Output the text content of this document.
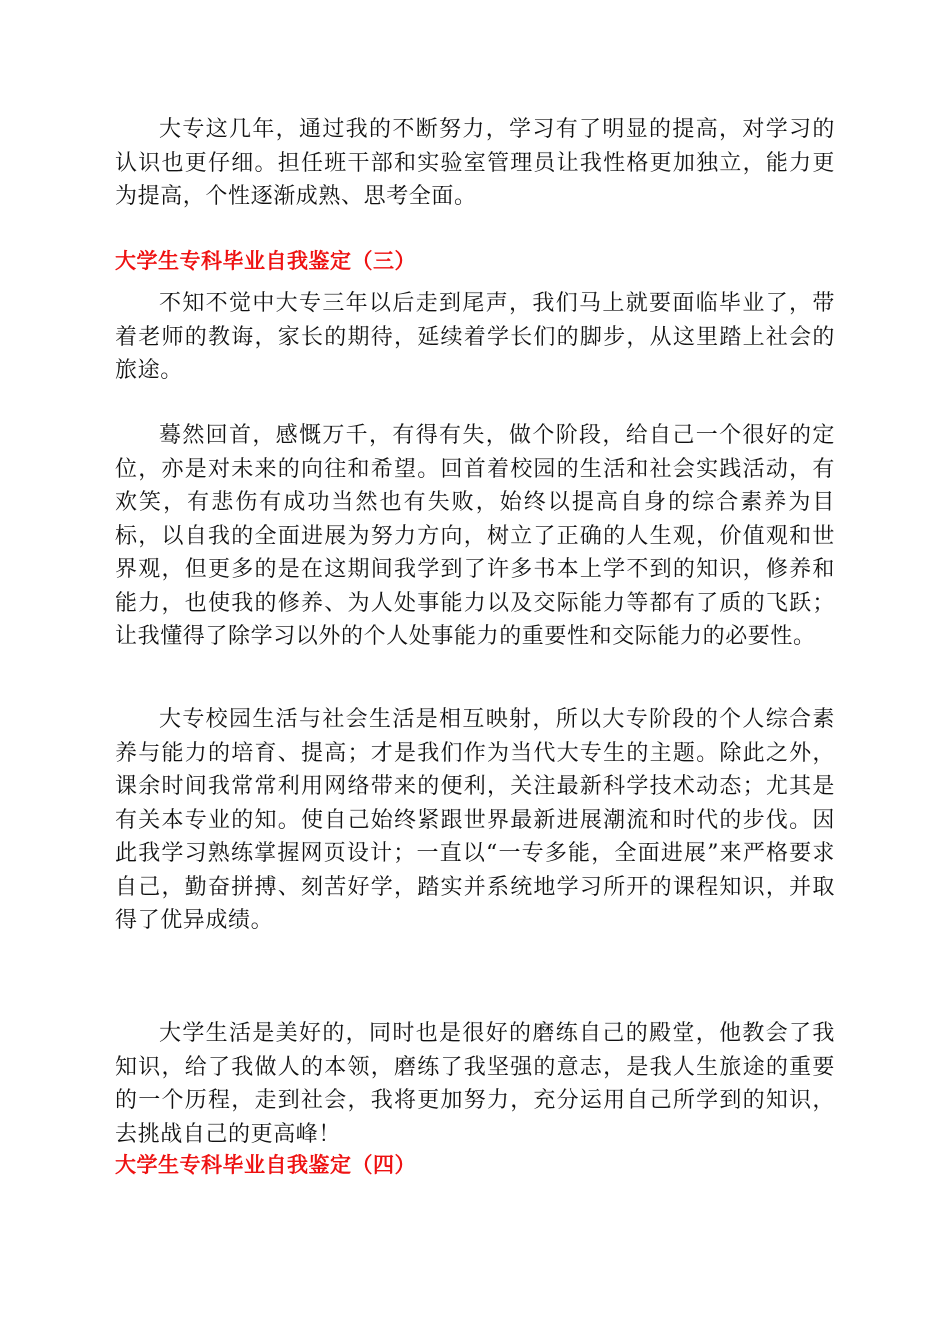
大专这几年，通过我的不断努力，学习有了明显的提高，对学习的认识也更仔细。担任班干部和实验室管理员让我性格更加独立，能力更为提高，个性逐渐成熟、思考全面。

大学生专科毕业自我鉴定（三）

不知不觉中大专三年以后走到尾声，我们马上就要面临毕业了，带着老师的教诲，家长的期待，延续着学长们的脚步，从这里踏上社会的旅途。

蓦然回首，感慨万千，有得有失，做个阶段，给自己一个很好的定位，亦是对未来的向往和希望。回首着校园的生活和社会实践活动，有欢笑，有悲伤有成功当然也有失败，始终以提高自身的综合素养为目标，以自我的全面进展为努力方向，树立了正确的人生观，价值观和世界观，但更多的是在这期间我学到了许多书本上学不到的知识，修养和能力，也使我的修养、为人处事能力以及交际能力等都有了质的飞跃；让我懂得了除学习以外的个人处事能力的重要性和交际能力的必要性。

大专校园生活与社会生活是相互映射，所以大专阶段的个人综合素养与能力的培育、提高；才是我们作为当代大专生的主题。除此之外，课余时间我常常利用网络带来的便利，关注最新科学技术动态；尤其是有关本专业的知。使自己始终紧跟世界最新进展潮流和时代的步伐。因此我学习熟练掌握网页设计；一直以“一专多能，全面进展”来严格要求自己，勤奋拼搏、刻苦好学，踏实并系统地学习所开的课程知识，并取得了优异成绩。

大学生活是美好的，同时也是很好的磨练自己的殿堂，他教会了我知识，给了我做人的本领，磨练了我坚强的意志，是我人生旅途的重要的一个历程，走到社会，我将更加努力，充分运用自己所学到的知识，去挑战自己的更高峰！

大学生专科毕业自我鉴定（四）
